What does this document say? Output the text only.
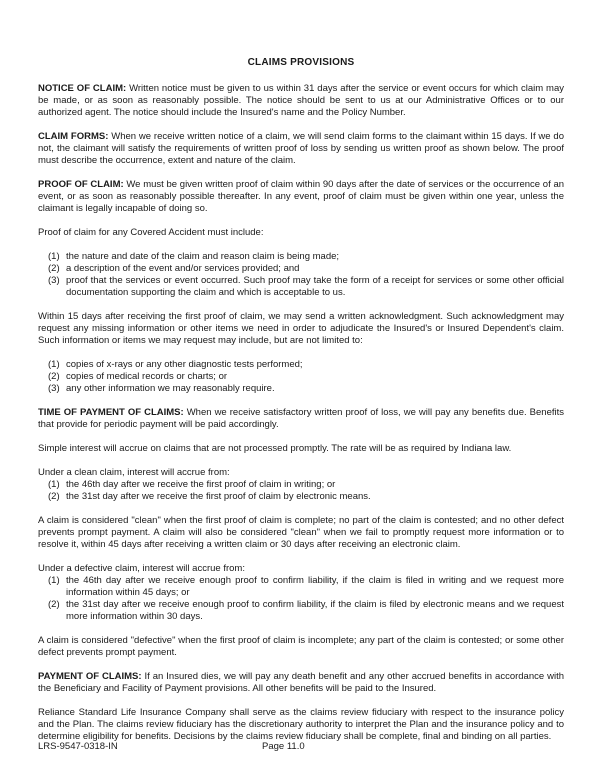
CLAIMS PROVISIONS

NOTICE OF CLAIM: Written notice must be given to us within 31 days after the service or event occurs for which claim may be made, or as soon as reasonably possible. The notice should be sent to us at our Administrative Offices or to our authorized agent. The notice should include the Insured's name and the Policy Number.

CLAIM FORMS: When we receive written notice of a claim, we will send claim forms to the claimant within 15 days. If we do not, the claimant will satisfy the requirements of written proof of loss by sending us written proof as shown below. The proof must describe the occurrence, extent and nature of the claim.

PROOF OF CLAIM: We must be given written proof of claim within 90 days after the date of services or the occurrence of an event, or as soon as reasonably possible thereafter. In any event, proof of claim must be given within one year, unless the claimant is legally incapable of doing so.

Proof of claim for any Covered Accident must include:

(1) the nature and date of the claim and reason claim is being made;
(2) a description of the event and/or services provided; and
(3) proof that the services or event occurred. Such proof may take the form of a receipt for services or some other official documentation supporting the claim and which is acceptable to us.

Within 15 days after receiving the first proof of claim, we may send a written acknowledgment. Such acknowledgment may request any missing information or other items we need in order to adjudicate the Insured's or Insured Dependent's claim. Such information or items we may request may include, but are not limited to:

(1) copies of x-rays or any other diagnostic tests performed;
(2) copies of medical records or charts; or
(3) any other information we may reasonably require.

TIME OF PAYMENT OF CLAIMS: When we receive satisfactory written proof of loss, we will pay any benefits due. Benefits that provide for periodic payment will be paid accordingly.

Simple interest will accrue on claims that are not processed promptly. The rate will be as required by Indiana law.

Under a clean claim, interest will accrue from:

(1) the 46th day after we receive the first proof of claim in writing; or
(2) the 31st day after we receive the first proof of claim by electronic means.

A claim is considered "clean" when the first proof of claim is complete; no part of the claim is contested; and no other defect prevents prompt payment. A claim will also be considered "clean" when we fail to promptly request more information or to resolve it, within 45 days after receiving a written claim or 30 days after receiving an electronic claim.

Under a defective claim, interest will accrue from:

(1) the 46th day after we receive enough proof to confirm liability, if the claim is filed in writing and we request more information within 45 days; or
(2) the 31st day after we receive enough proof to confirm liability, if the claim is filed by electronic means and we request more information within 30 days.

A claim is considered "defective" when the first proof of claim is incomplete; any part of the claim is contested; or some other defect prevents prompt payment.

PAYMENT OF CLAIMS: If an Insured dies, we will pay any death benefit and any other accrued benefits in accordance with the Beneficiary and Facility of Payment provisions. All other benefits will be paid to the Insured.

Reliance Standard Life Insurance Company shall serve as the claims review fiduciary with respect to the insurance policy and the Plan. The claims review fiduciary has the discretionary authority to interpret the Plan and the insurance policy and to determine eligibility for benefits. Decisions by the claims review fiduciary shall be complete, final and binding on all parties.

LRS-9547-0318-IN	Page 11.0
